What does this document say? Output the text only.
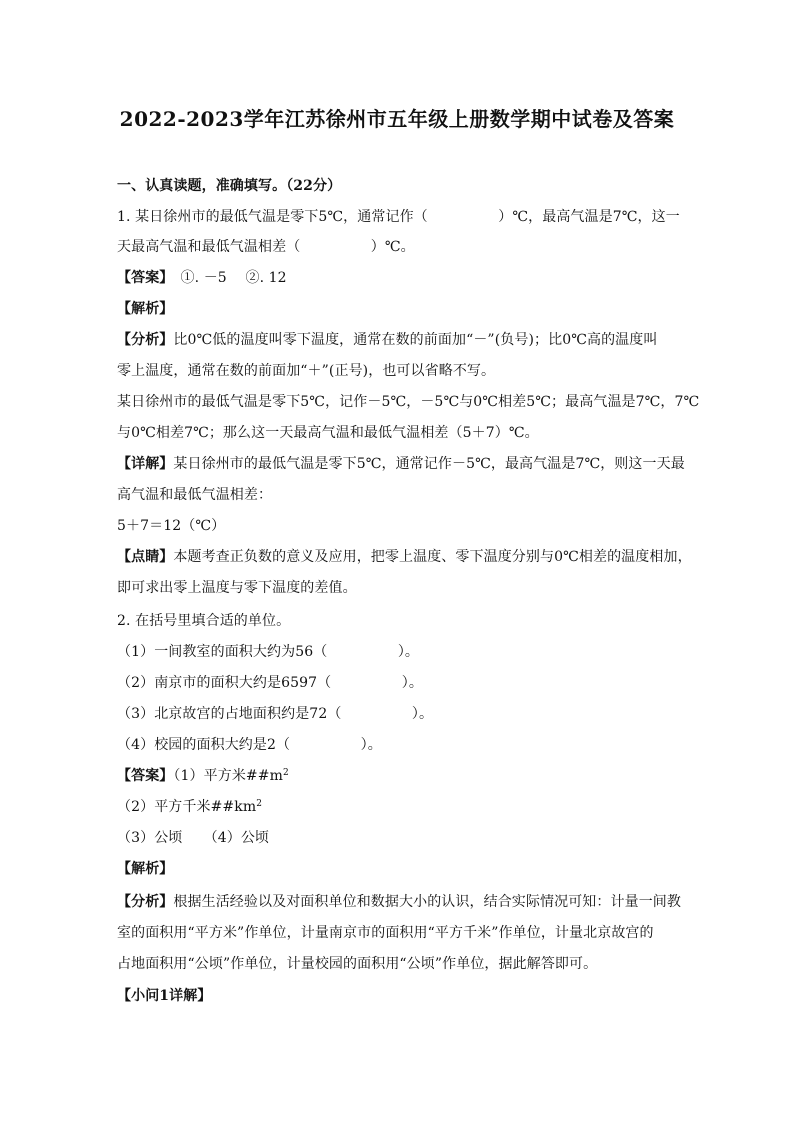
2022-2023学年江苏徐州市五年级上册数学期中试卷及答案
一、认真读题，准确填写。（22分）
1. 某日徐州市的最低气温是零下5℃，通常记作（　　　　　）℃，最高气温是7℃，这一
天最高气温和最低气温相差（　　　　　）℃。
【答案】　①. －5　 ②. 12
【解析】
【分析】比0℃低的温度叫零下温度，通常在数的前面加“－”(负号)；比0℃高的温度叫
零上温度，通常在数的前面加“＋”(正号)，也可以省略不写。
某日徐州市的最低气温是零下5℃，记作－5℃，－5℃与0℃相差5℃；最高气温是7℃，7℃
与0℃相差7℃；那么这一天最高气温和最低气温相差（5＋7）℃。
【详解】某日徐州市的最低气温是零下5℃，通常记作－5℃，最高气温是7℃，则这一天最
高气温和最低气温相差：
5＋7＝12（℃）
【点睛】本题考查正负数的意义及应用，把零上温度、零下温度分别与0℃相差的温度相加，
即可求出零上温度与零下温度的差值。
2. 在括号里填合适的单位。
（1）一间教室的面积大约为56（　　　　　）。
（2）南京市的面积大约是6597（　　　　　）。
（3）北京故宫的占地面积约是72（　　　　　）。
（4）校园的面积大约是2（　　　　　）。
【答案】（1）平方米$\#\#m^2$
（2）平方千米$\#\#km^2$
（3）公顷　　（4）公顷
【解析】
【分析】根据生活经验以及对面积单位和数据大小的认识，结合实际情况可知：计量一间教
室的面积用“平方米”作单位，计量南京市的面积用“平方千米”作单位，计量北京故宫的
占地面积用“公顷”作单位，计量校园的面积用“公顷”作单位，据此解答即可。
【小问1详解】
